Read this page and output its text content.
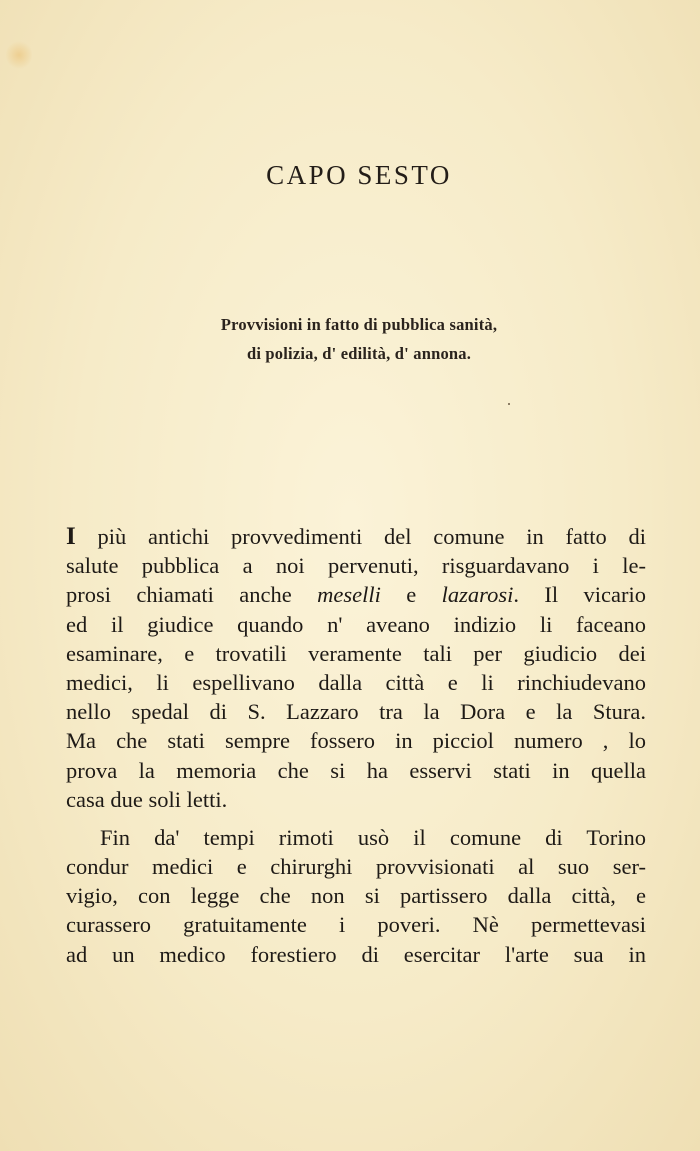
CAPO SESTO
Provvisioni in fatto di pubblica sanità,
di polizia, d' edilità, d' annona.
I più antichi provvedimenti del comune in fatto di
salute pubblica a noi pervenuti, risguardavano i le-
prosi chiamati anche meselli e lazarosi. Il vicario
ed il giudice quando n' aveano indizio li faceano
esaminare, e trovatili veramente tali per giudicio dei
medici, li espellivano dalla città e li rinchiudevano
nello spedal di S. Lazzaro tra la Dora e la Stura.
Ma che stati sempre fossero in picciol numero , lo
prova la memoria che si ha esservi stati in quella
casa due soli letti.
Fin da' tempi rimoti usò il comune di Torino
condur medici e chirurghi provvisionati al suo ser-
vigio, con legge che non si partissero dalla città, e
curassero gratuitamente i poveri. Nè permettevasi
ad un medico forestiero di esercitar l'arte sua in
